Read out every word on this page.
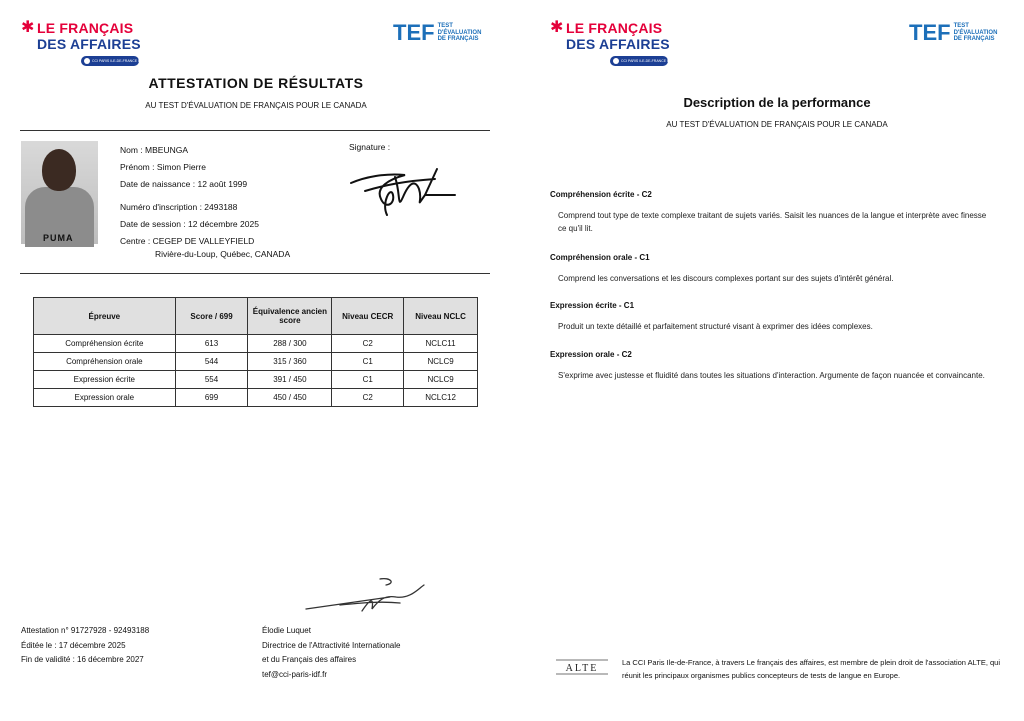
✱ LE FRANÇAIS
DES AFFAIRES
CCI PARIS ILE-DE-FRANCE ÉDUCATION
TEF TEST
D'ÉVALUATION
DE FRANÇAIS
ATTESTATION DE RÉSULTATS
AU TEST D'ÉVALUATION DE FRANÇAIS POUR LE CANADA
PUMA
Nom : MBEUNGA
Prénom : Simon Pierre
Date de naissance : 12 août 1999
Numéro d'inscription : 2493188
Date de session : 12 décembre 2025
Centre : CEGEP DE VALLEYFIELD
Rivière-du-Loup, Québec, CANADA
Signature :
Épreuve	Score / 699	Équivalence ancien score	Niveau CECR	Niveau NCLC
Compréhension écrite	613	288 / 300	C2	NCLC11
Compréhension orale	544	315 / 360	C1	NCLC9
Expression écrite	554	391 / 450	C1	NCLC9
Expression orale	699	450 / 450	C2	NCLC12
Attestation n° 91727928 - 92493188
Éditée le : 17 décembre 2025
Fin de validité : 16 décembre 2027
Élodie Luquet
Directrice de l'Attractivité Internationale
et du Français des affaires
tef@cci-paris-idf.fr
✱ LE FRANÇAIS
DES AFFAIRES
CCI PARIS ILE-DE-FRANCE ÉDUCATION
TEF TEST
D'ÉVALUATION
DE FRANÇAIS
Description de la performance
AU TEST D'ÉVALUATION DE FRANÇAIS POUR LE CANADA
Compréhension écrite - C2
Comprend tout type de texte complexe traitant de sujets variés. Saisit les nuances de la langue et interprète avec finesse ce qu'il lit.
Compréhension orale - C1
Comprend les conversations et les discours complexes portant sur des sujets d'intérêt général.
Expression écrite - C1
Produit un texte détaillé et parfaitement structuré visant à exprimer des idées complexes.
Expression orale - C2
S'exprime avec justesse et fluidité dans toutes les situations d'interaction. Argumente de façon nuancée et convaincante.
ALTE
La CCI Paris Ile-de-France, à travers Le français des affaires, est membre de plein droit de l'association ALTE, qui réunit les principaux organismes publics concepteurs de tests de langue en Europe.
